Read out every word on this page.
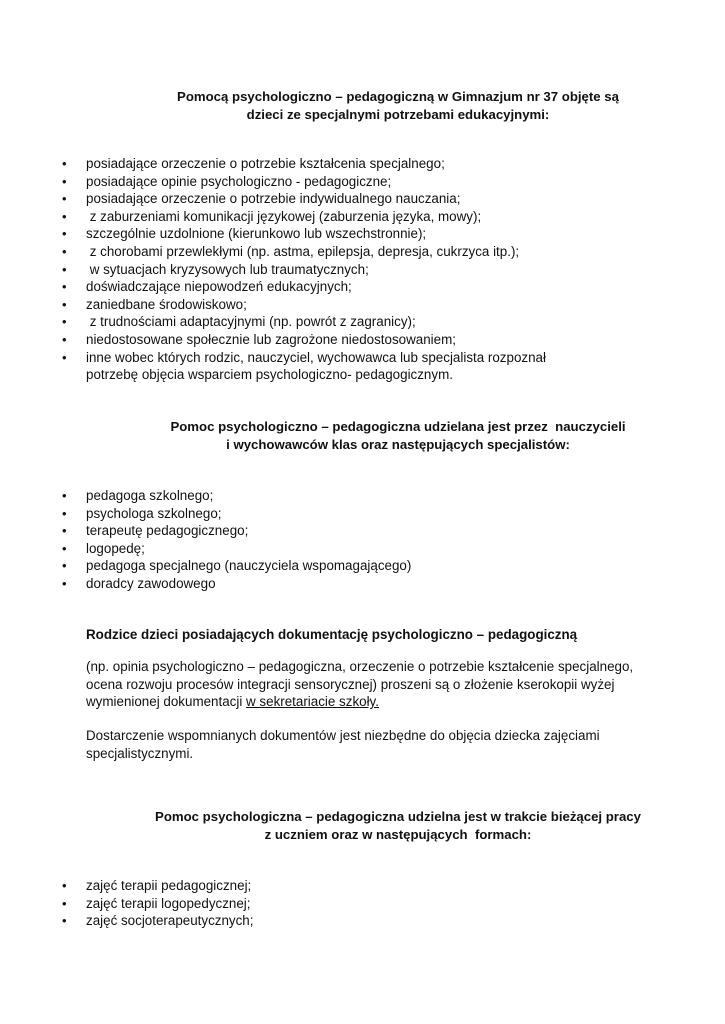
Pomocą psychologiczno – pedagogiczną w Gimnazjum nr 37 objęte są
dzieci ze specjalnymi potrzebami edukacyjnymi:
• posiadające orzeczenie o potrzebie kształcenia specjalnego;
• posiadające opinie psychologiczno - pedagogiczne;
• posiadające orzeczenie o potrzebie indywidualnego nauczania;
•  z zaburzeniami komunikacji językowej (zaburzenia języka, mowy);
• szczególnie uzdolnione (kierunkowo lub wszechstronnie);
•  z chorobami przewlekłymi (np. astma, epilepsja, depresja, cukrzyca itp.);
•  w sytuacjach kryzysowych lub traumatycznych;
• doświadczające niepowodzeń edukacyjnych;
• zaniedbane środowiskowo;
•  z trudnościami adaptacyjnymi (np. powrót z zagranicy);
• niedostosowane społecznie lub zagrożone niedostosowaniem;
• inne wobec których rodzic, nauczyciel, wychowawca lub specjalista rozpoznał potrzebę objęcia wsparciem psychologiczno- pedagogicznym.
Pomoc psychologiczno – pedagogiczna udzielana jest przez  nauczycieli
i wychowawców klas oraz następujących specjalistów:
• pedagoga szkolnego;
• psychologa szkolnego;
• terapeutę pedagogicznego;
• logopedę;
• pedagoga specjalnego (nauczyciela wspomagającego)
• doradcy zawodowego

Rodzice dzieci posiadających dokumentację psychologiczno – pedagogiczną

(np. opinia psychologiczno – pedagogiczna, orzeczenie o potrzebie kształcenie specjalnego, ocena rozwoju procesów integracji sensorycznej) proszeni są o złożenie kserokopii wyżej wymienionej dokumentacji w sekretariacie szkoły.

Dostarczenie wspomnianych dokumentów jest niezbędne do objęcia dziecka zajęciami specjalistycznymi.

Pomoc psychologiczna – pedagogiczna udzielna jest w trakcie bieżącej pracy
z uczniem oraz w następujących  formach:
• zajęć terapii pedagogicznej;
• zajęć terapii logopedycznej;
• zajęć socjoterapeutycznych;
